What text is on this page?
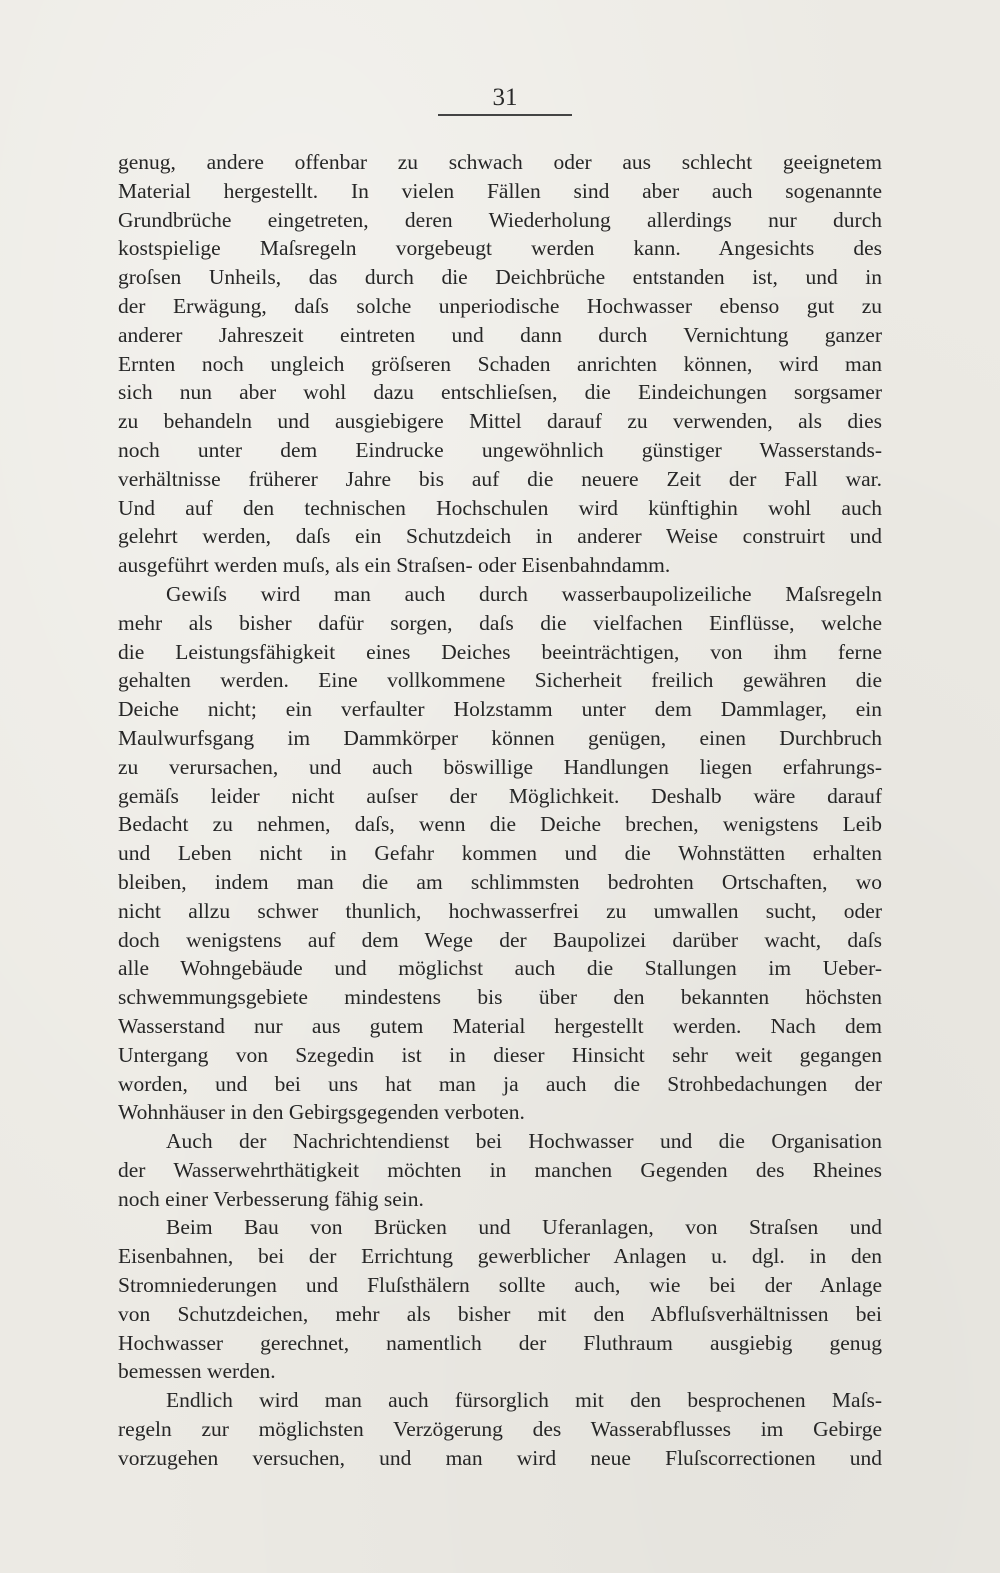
31
genug, andere offenbar zu schwach oder aus schlecht geeignetem
Material hergestellt. In vielen Fällen sind aber auch sogenannte
Grundbrüche eingetreten, deren Wiederholung allerdings nur durch
kostspielige Maſsregeln vorgebeugt werden kann. Angesichts des
groſsen Unheils, das durch die Deichbrüche entstanden ist, und in
der Erwägung, daſs solche unperiodische Hochwasser ebenso gut zu
anderer Jahreszeit eintreten und dann durch Vernichtung ganzer
Ernten noch ungleich gröſseren Schaden anrichten können, wird man
sich nun aber wohl dazu entschlieſsen, die Eindeichungen sorgsamer
zu behandeln und ausgiebigere Mittel darauf zu verwenden, als dies
noch unter dem Eindrucke ungewöhnlich günstiger Wasserstands-
verhältnisse früherer Jahre bis auf die neuere Zeit der Fall war.
Und auf den technischen Hochschulen wird künftighin wohl auch
gelehrt werden, daſs ein Schutzdeich in anderer Weise construirt und
ausgeführt werden muſs, als ein Straſsen- oder Eisenbahndamm.
Gewiſs wird man auch durch wasserbaupolizeiliche Maſsregeln
mehr als bisher dafür sorgen, daſs die vielfachen Einflüsse, welche
die Leistungsfähigkeit eines Deiches beeinträchtigen, von ihm ferne
gehalten werden. Eine vollkommene Sicherheit freilich gewähren die
Deiche nicht; ein verfaulter Holzstamm unter dem Dammlager, ein
Maulwurfsgang im Dammkörper können genügen, einen Durchbruch
zu verursachen, und auch böswillige Handlungen liegen erfahrungs-
gemäſs leider nicht auſser der Möglichkeit. Deshalb wäre darauf
Bedacht zu nehmen, daſs, wenn die Deiche brechen, wenigstens Leib
und Leben nicht in Gefahr kommen und die Wohnstätten erhalten
bleiben, indem man die am schlimmsten bedrohten Ortschaften, wo
nicht allzu schwer thunlich, hochwasserfrei zu umwallen sucht, oder
doch wenigstens auf dem Wege der Baupolizei darüber wacht, daſs
alle Wohngebäude und möglichst auch die Stallungen im Ueber-
schwemmungsgebiete mindestens bis über den bekannten höchsten
Wasserstand nur aus gutem Material hergestellt werden. Nach dem
Untergang von Szegedin ist in dieser Hinsicht sehr weit gegangen
worden, und bei uns hat man ja auch die Strohbedachungen der
Wohnhäuser in den Gebirgsgegenden verboten.
Auch der Nachrichtendienst bei Hochwasser und die Organisation
der Wasserwehrthätigkeit möchten in manchen Gegenden des Rheines
noch einer Verbesserung fähig sein.
Beim Bau von Brücken und Uferanlagen, von Straſsen und
Eisenbahnen, bei der Errichtung gewerblicher Anlagen u. dgl. in den
Stromniederungen und Fluſsthälern sollte auch, wie bei der Anlage
von Schutzdeichen, mehr als bisher mit den Abfluſsverhältnissen bei
Hochwasser gerechnet, namentlich der Fluthraum ausgiebig genug
bemessen werden.
Endlich wird man auch fürsorglich mit den besprochenen Maſs-
regeln zur möglichsten Verzögerung des Wasserabflusses im Gebirge
vorzugehen versuchen, und man wird neue Fluſscorrectionen und
